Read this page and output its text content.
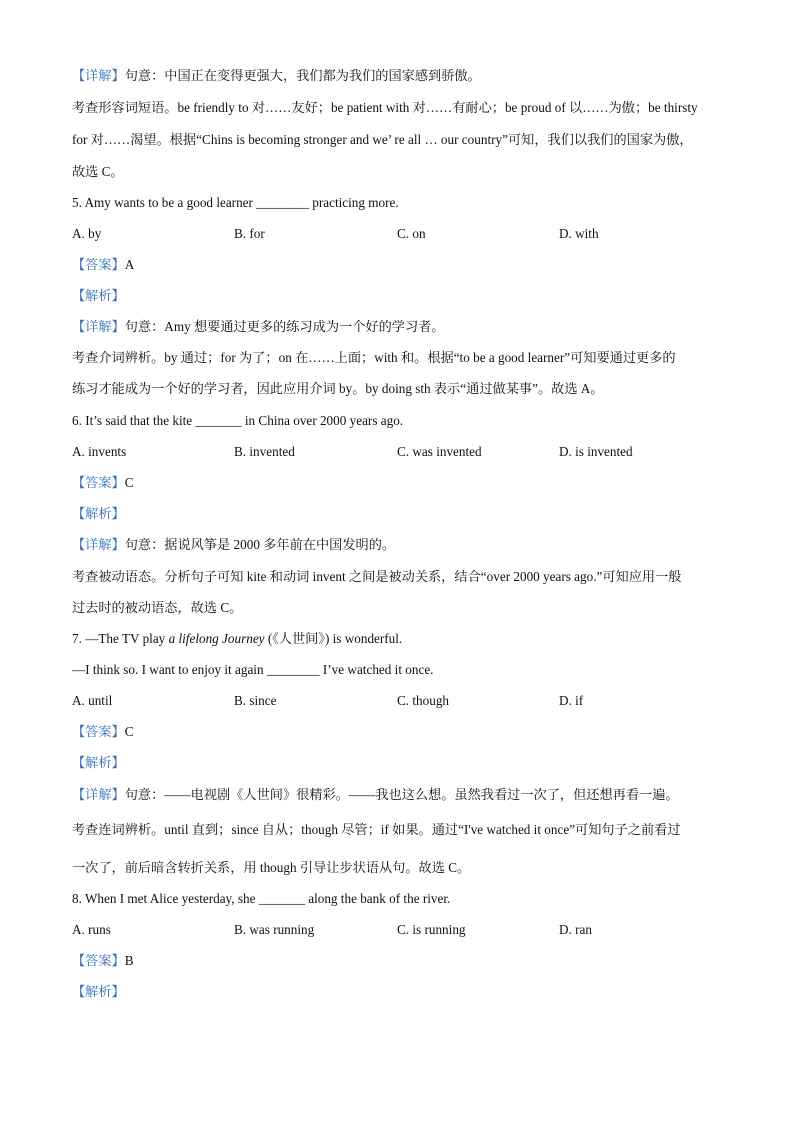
【详解】句意：中国正在变得更强大，我们都为我们的国家感到骄傲。
考查形容词短语。be friendly to 对……友好；be patient with 对……有耐心；be proud of 以……为傲；be thirsty
for 对……渴望。根据“Chins is becoming stronger and we’ re all … our country”可知，我们以我们的国家为傲，
故选 C。
5. Amy wants to be a good learner ________ practicing more.
A. by	B. for	C. on	D. with
【答案】A
【解析】
【详解】句意：Amy 想要通过更多的练习成为一个好的学习者。
考查介词辨析。by 通过；for 为了；on 在……上面；with 和。根据“to be a good learner”可知要通过更多的
练习才能成为一个好的学习者，因此应用介词 by。by doing sth 表示“通过做某事”。故选 A。
6. It’s said that the kite _______ in China over 2000 years ago.
A. invents	B. invented	C. was invented	D. is invented
【答案】C
【解析】
【详解】句意：据说风筝是 2000 多年前在中国发明的。
考查被动语态。分析句子可知 kite 和动词 invent 之间是被动关系，结合“over 2000 years ago.”可知应用一般
过去时的被动语态，故选 C。
7. —The TV play a lifelong Journey (《人世间》) is wonderful.
—I think so. I want to enjoy it again ________ I’ve watched it once.
A. until	B. since	C. though	D. if
【答案】C
【解析】
【详解】句意：——电视剧《人世间》很精彩。——我也这么想。虽然我看过一次了，但还想再看一遍。
考查连词辨析。until 直到；since 自从；though 尽管；if 如果。通过“I've watched it once”可知句子之前看过
一次了，前后暗含转折关系，用 though 引导让步状语从句。故选 C。
8. When I met Alice yesterday, she _______ along the bank of the river.
A. runs	B. was running	C. is running	D. ran
【答案】B
【解析】
